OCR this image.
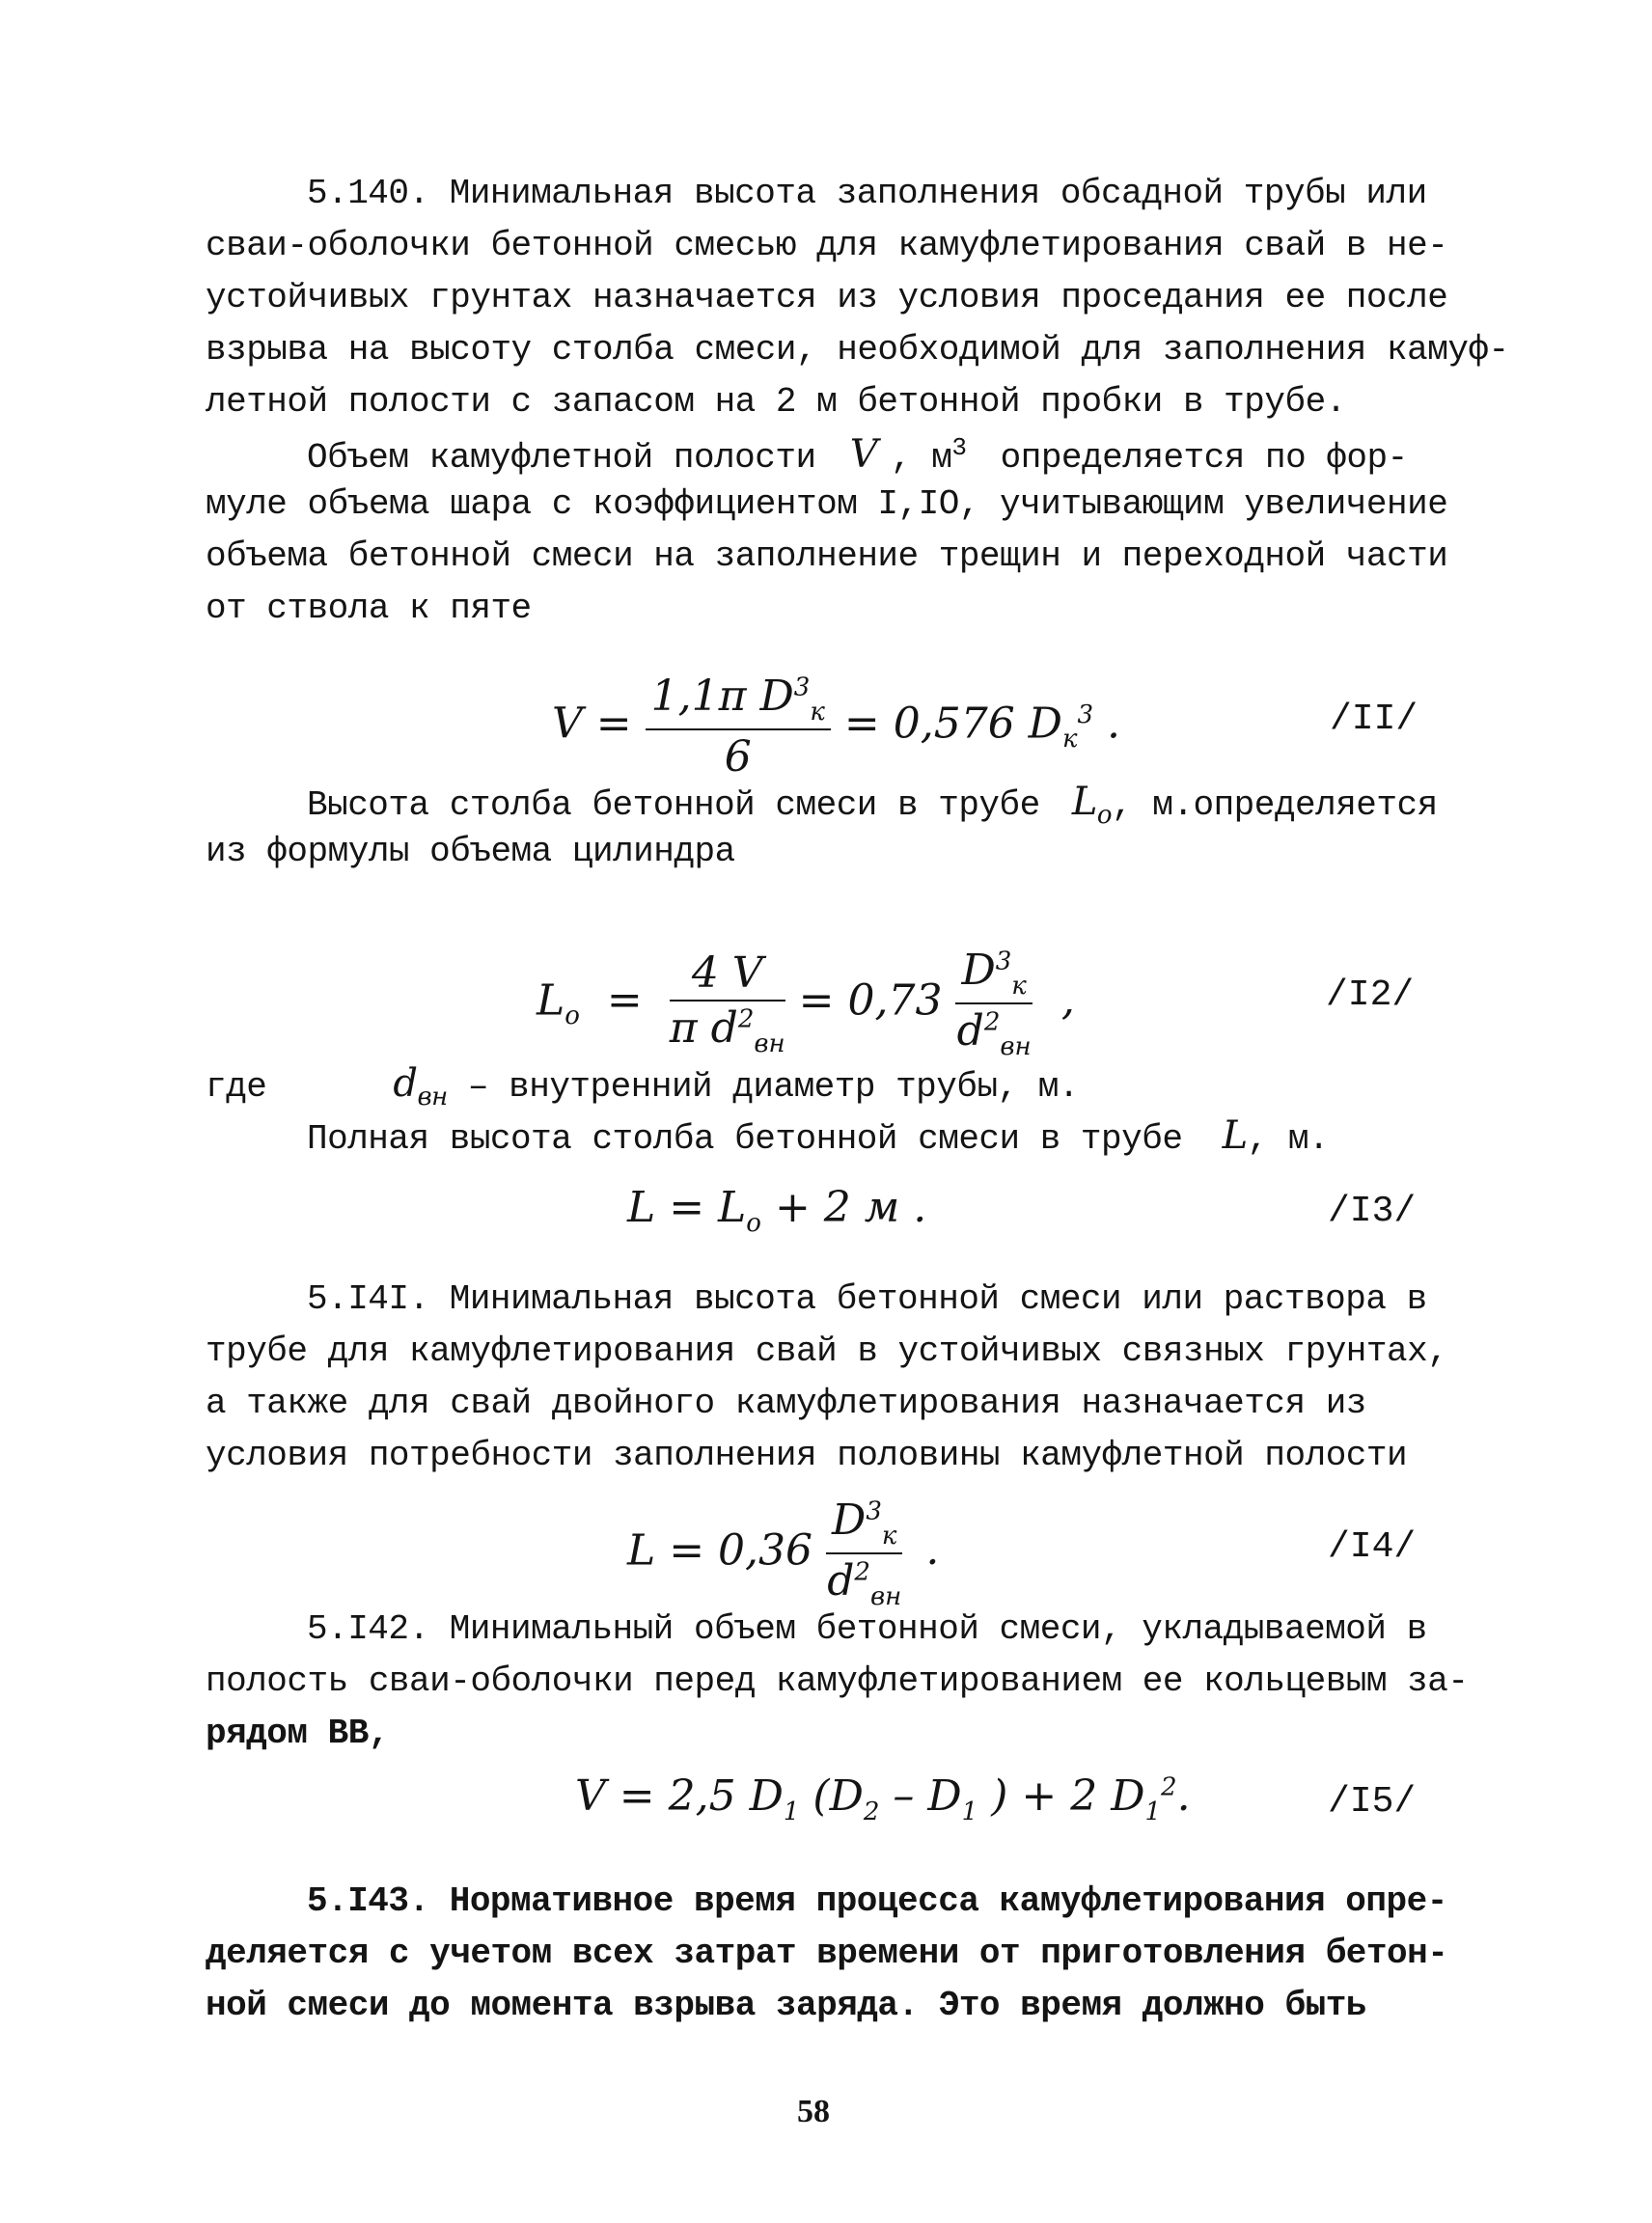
5.140. Минимальная высота заполнения обсадной трубы или
сваи-оболочки бетонной смесью для камуфлетирования свай в не-
устойчивых грунтах назначается из условия проседания ее после
взрыва на высоту столба смеси, необходимой для заполнения камуф-
летной полости с запасом на 2 м бетонной пробки в трубе.
Объем камуфлетной полости V , $м^3$ определяется по фор-
муле объема шара с коэффициентом I,IO, учитывающим увеличение
объема бетонной смеси на заполнение трещин и переходной части
от ствола к пяте
$V = \frac{1,1\pi D^3_к}{6} = 0,576$ $D_к^3$ .	/II/
Высота столба бетонной смеси в трубе $L_o$, м.определяется
из формулы объема цилиндра
$L_o = \frac{4 V}{\pi d^2_{вн}} = 0,73 \frac{D^3_к}{d^2_{вн}}$ ,	/I2/
где	$d_{вн}$ – внутренний диаметр трубы, м.
Полная высота столба бетонной смеси в трубе L, м.
$L = L_o + 2$ м .	/I3/
5.I4I. Минимальная высота бетонной смеси или раствора в
трубе для камуфлетирования свай в устойчивых связных грунтах,
а также для свай двойного камуфлетирования назначается из
условия потребности заполнения половины камуфлетной полости
$L = 0,36 \frac{D^3_к}{d^2_{вн}}$ .	/I4/
5.I42. Минимальный объем бетонной смеси, укладываемой в
полость сваи-оболочки перед камуфлетированием ее кольцевым за-
рядом ВВ,
V = 2,5 $D_1$ ($D_2 - D_1$ ) + 2 $D_1^2$.	/I5/
5.I43. Нормативное время процесса камуфлетирования опре-
деляется с учетом всех затрат времени от приготовления бетон-
ной смеси до момента взрыва заряда. Это время должно быть
58
